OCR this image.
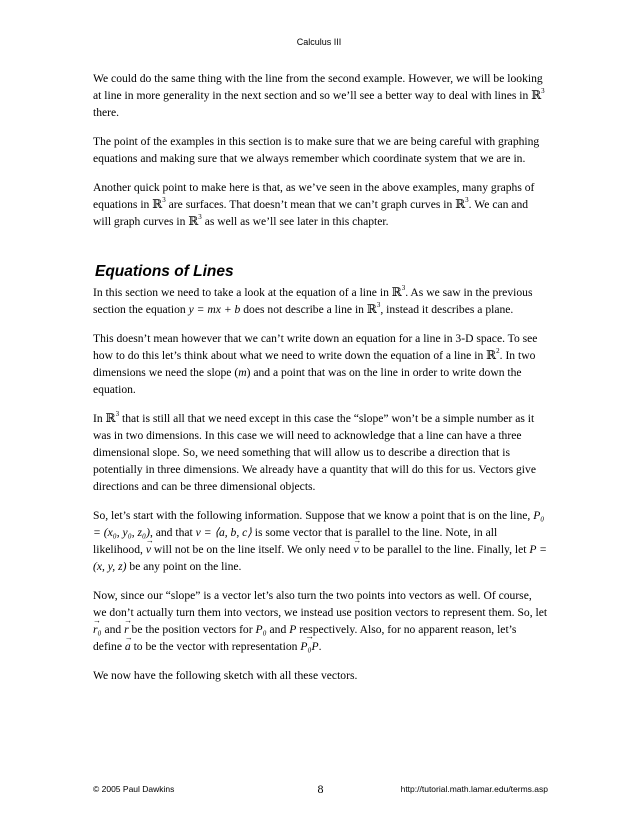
Calculus III

We could do the same thing with the line from the second example. However, we will be looking at line in more generality in the next section and so we’ll see a better way to deal with lines in ℝ$^3$ there.

The point of the examples in this section is to make sure that we are being careful with graphing equations and making sure that we always remember which coordinate system that we are in.

Another quick point to make here is that, as we’ve seen in the above examples, many graphs of equations in ℝ$^3$ are surfaces. That doesn’t mean that we can’t graph curves in ℝ$^3$. We can and will graph curves in ℝ$^3$ as well as we’ll see later in this chapter.

Equations of Lines

In this section we need to take a look at the equation of a line in ℝ$^3$. As we saw in the previous section the equation y = mx + b does not describe a line in ℝ$^3$, instead it describes a plane.

This doesn’t mean however that we can’t write down an equation for a line in 3-D space. To see how to do this let’s think about what we need to write down the equation of a line in ℝ$^2$. In two dimensions we need the slope (m) and a point that was on the line in order to write down the equation.

In ℝ$^3$ that is still all that we need except in this case the “slope” won’t be a simple number as it was in two dimensions. In this case we will need to acknowledge that a line can have a three dimensional slope. So, we need something that will allow us to describe a direction that is potentially in three dimensions. We already have a quantity that will do this for us. Vectors give directions and can be three dimensional objects.

So, let’s start with the following information. Suppose that we know a point that is on the line, P₀ = (x₀, y₀, z₀), and that v = ⟨a, b, c⟩ is some vector that is parallel to the line. Note, in all likelihood, → v will not be on the line itself. We only need → v to be parallel to the line. Finally, let P = (x, y, z) be any point on the line.

Now, since our “slope” is a vector let’s also turn the two points into vectors as well. Of course, we don’t actually turn them into vectors, we instead use position vectors to represent them. So, let → r₀ and → r be the position vectors for P₀ and P respectively. Also, for no apparent reason, let’s define → a to be the vector with representation → P₀P.

We now have the following sketch with all these vectors.

© 2005 Paul Dawkins	8	http://tutorial.math.lamar.edu/terms.asp
